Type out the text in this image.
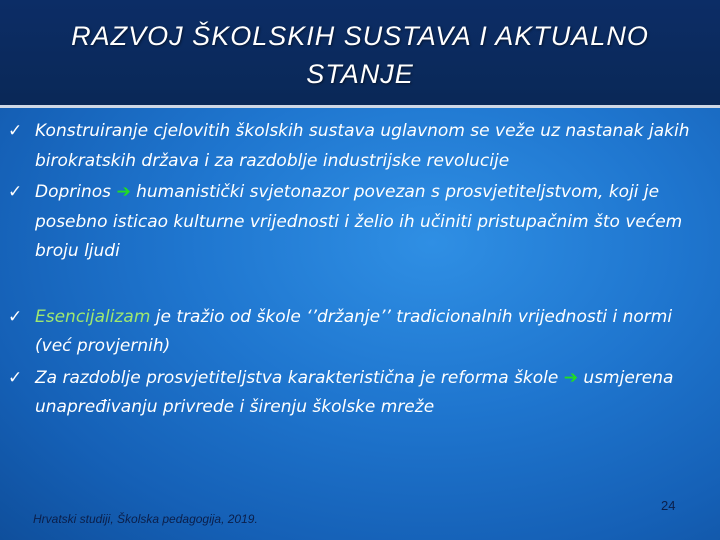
RAZVOJ ŠKOLSKIH SUSTAVA I AKTUALNO
STANJE
✓ Konstruiranje cjelovitih školskih sustava uglavnom se veže uz nastanak jakih birokratskih država i za razdoblje industrijske revolucije
✓ Doprinos ➔ humanistički svjetonazor povezan s prosvjetiteljstvom, koji je posebno isticao kulturne vrijednosti i želio ih učiniti pristupačnim što većem broju ljudi
✓ Esencijalizam je tražio od škole ‘’držanje’’ tradicionalnih vrijednosti i normi (već provjernih)
✓ Za razdoblje prosvjetiteljstva karakteristična je reforma škole ➔ usmjerena unapređivanju privrede i širenju školske mreže
24
Hrvatski studiji, Školska pedagogija, 2019.
